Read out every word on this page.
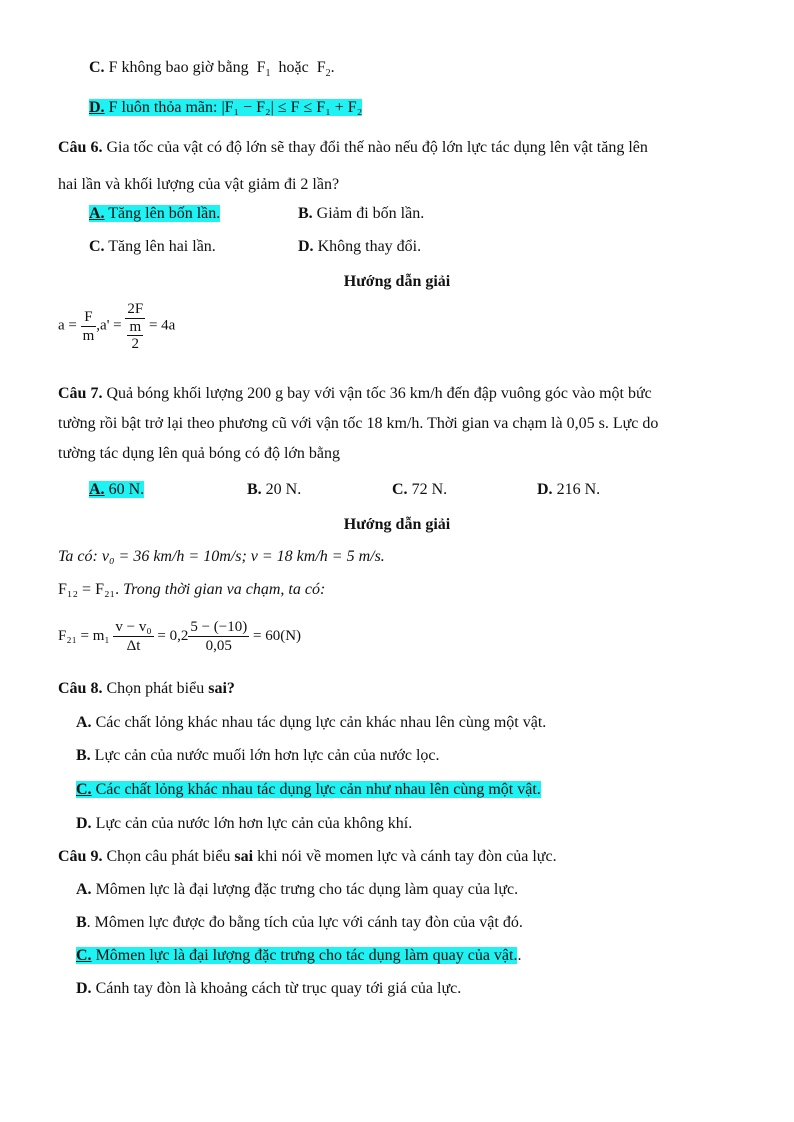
C. F không bao giờ bằng $F_1$ hoặc $F_2$.
D. F luôn thỏa mãn: |F₁ − F₂| ≤ F ≤ F₁ + F₂
Câu 6. Gia tốc của vật có độ lớn sẽ thay đổi thế nào nếu độ lớn lực tác dụng lên vật tăng lên
hai lần và khối lượng của vật giảm đi 2 lần?
A. Tăng lên bốn lần.	B. Giảm đi bốn lần.
C. Tăng lên hai lần.	D. Không thay đổi.
Hướng dẫn giải
$a = \frac{F}{m} ,a' = \frac{2F}{\frac{m}{2}} = 4a$
Câu 7. Quả bóng khối lượng 200 g bay với vận tốc 36 km/h đến đập vuông góc vào một bức
tường rồi bật trở lại theo phương cũ với vận tốc 18 km/h. Thời gian va chạm là 0,05 s. Lực do
tường tác dụng lên quả bóng có độ lớn bằng
A. 60 N.	B. 20 N.	C. 72 N.	D. 216 N.
Hướng dẫn giải
Ta có: v₀ = 36 km/h = 10m/s; v = 18 km/h = 5 m/s.
F₁₂ = F₂₁. Trong thời gian va chạm, ta có:
$F_{21} = m_1 \frac{\text{v − v₀}}{\Delta t} = 0,2 \frac{5 - (-10)}{0,05} = 60(N)$
Câu 8. Chọn phát biểu sai?
A. Các chất lỏng khác nhau tác dụng lực cản khác nhau lên cùng một vật.
B. Lực cản của nước muối lớn hơn lực cản của nước lọc.
C. Các chất lỏng khác nhau tác dụng lực cản như nhau lên cùng một vật.
D. Lực cản của nước lớn hơn lực cản của không khí.
Câu 9. Chọn câu phát biểu sai khi nói về momen lực và cánh tay đòn của lực.
A. Mômen lực là đại lượng đặc trưng cho tác dụng làm quay của lực.
B. Mômen lực được đo bằng tích của lực với cánh tay đòn của vật đó.
C. Mômen lực là đại lượng đặc trưng cho tác dụng làm quay của vật..
D. Cánh tay đòn là khoảng cách từ trục quay tới giá của lực.
